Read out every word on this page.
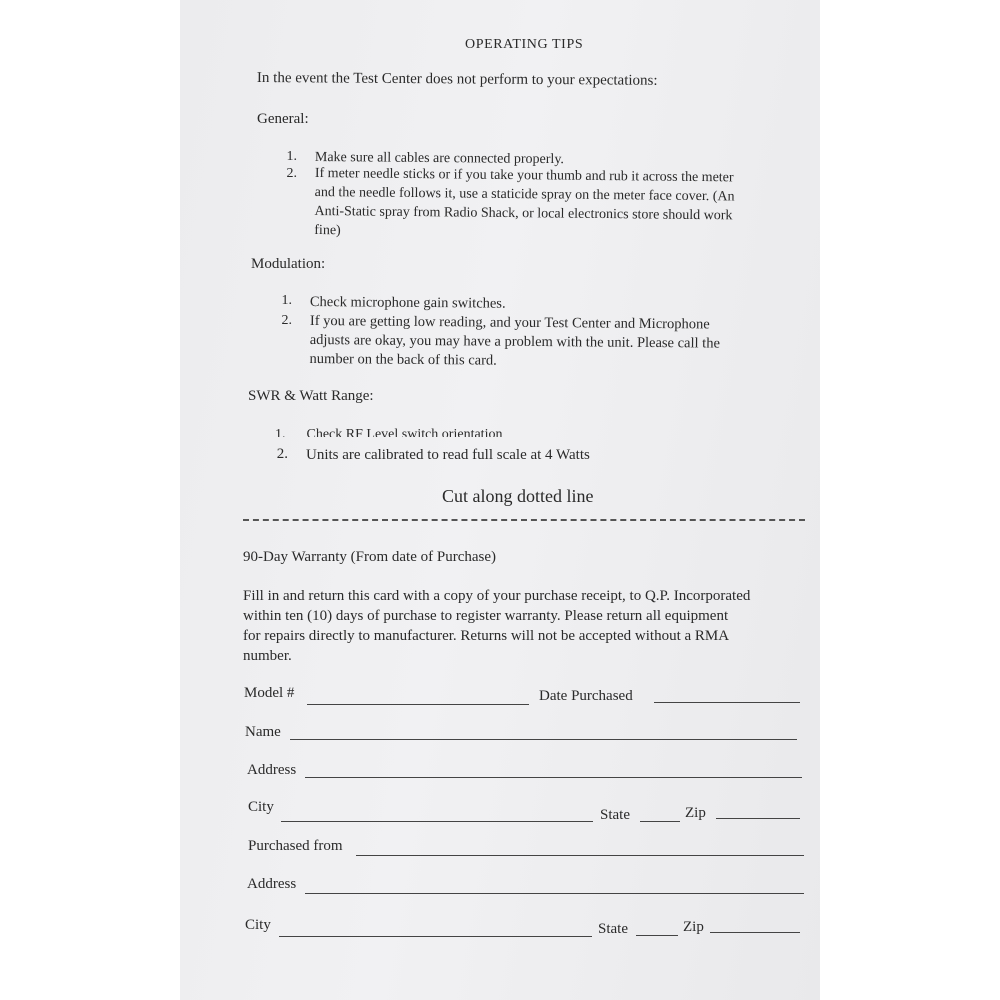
OPERATING TIPS
In the event the Test Center does not perform to your expectations:
General:
1. Make sure all cables are connected properly.
2. If meter needle sticks or if you take your thumb and rub it across the meter
and the needle follows it, use a staticide spray on the meter face cover. (An
Anti-Static spray from Radio Shack, or local electronics store should work
fine)
Modulation:
1. Check microphone gain switches.
2. If you are getting low reading, and your Test Center and Microphone
adjusts are okay, you may have a problem with the unit. Please call the
number on the back of this card.
SWR & Watt Range:
1. Check RF Level switch orientation
2. Units are calibrated to read full scale at 4 Watts
Cut along dotted line
90-Day Warranty (From date of Purchase)
Fill in and return this card with a copy of your purchase receipt, to Q.P. Incorporated
within ten (10) days of purchase to register warranty. Please return all equipment
for repairs directly to manufacturer. Returns will not be accepted without a RMA
number.
Model #	Date Purchased
Name
Address
City	State	Zip
Purchased from
Address
City	State	Zip
